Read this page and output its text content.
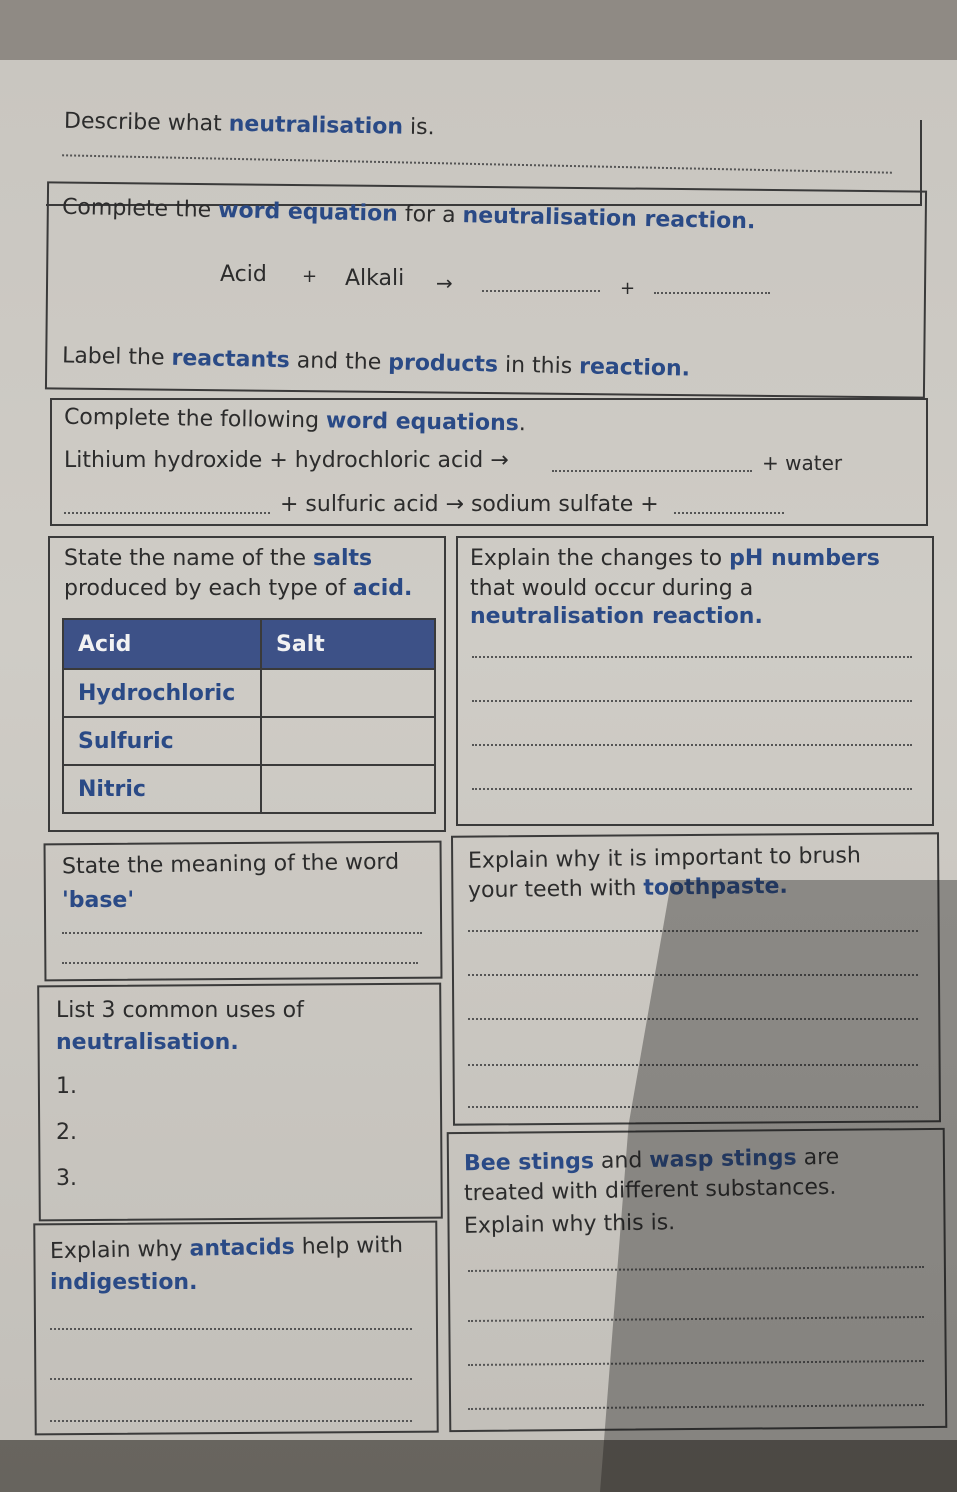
Describe what neutralisation is.
Complete the word equation for a neutralisation reaction.
Acid + Alkali →	+
Label the reactants and the products in this reaction.
Complete the following word equations.
Lithium hydroxide + hydrochloric acid →	+ water
+ sulfuric acid → sodium sulfate +
State the name of the salts
produced by each type of acid.
Acid	Salt
Hydrochloric	
Sulfuric	
Nitric	
Explain the changes to pH numbers
that would occur during a
neutralisation reaction.
State the meaning of the word
'base'
Explain why it is important to brush
your teeth with toothpaste.
List 3 common uses of
neutralisation.
1.
2.
3.
Bee stings and wasp stings are
treated with different substances.
Explain why this is.
Explain why antacids help with
indigestion.
